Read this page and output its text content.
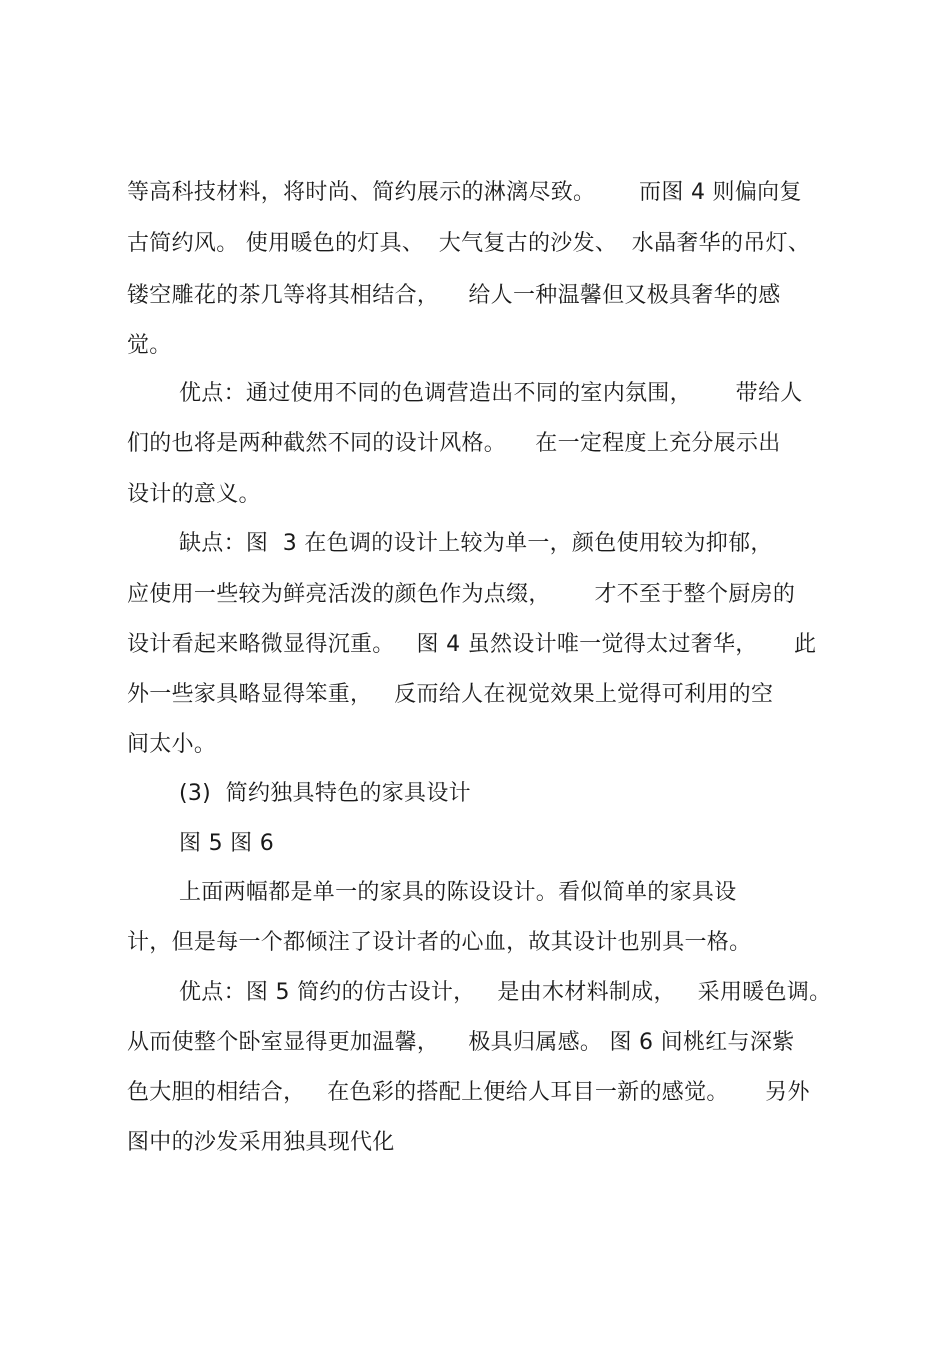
等高科技材料，将时尚、简约展示的淋漓尽致。      而图 4 则偏向复
古简约风。 使用暖色的灯具、  大气复古的沙发、  水晶奢华的吊灯、
镂空雕花的茶几等将其相结合，    给人一种温馨但又极具奢华的感
觉。
优点：通过使用不同的色调营造出不同的室内氛围，      带给人
们的也将是两种截然不同的设计风格。    在一定程度上充分展示出
设计的意义。
缺点：图  3 在色调的设计上较为单一，颜色使用较为抑郁，
应使用一些较为鲜亮活泼的颜色作为点缀，      才不至于整个厨房的
设计看起来略微显得沉重。   图 4 虽然设计唯一觉得太过奢华，     此
外一些家具略显得笨重，   反而给人在视觉效果上觉得可利用的空
间太小。
(3)  简约独具特色的家具设计
图 5 图 6
上面两幅都是单一的家具的陈设设计。看似简单的家具设
计，但是每一个都倾注了设计者的心血，故其设计也别具一格。
优点：图 5 简约的仿古设计，   是由木材料制成，   采用暖色调。
从而使整个卧室显得更加温馨，    极具归属感。 图 6 间桃红与深紫
色大胆的相结合，   在色彩的搭配上便给人耳目一新的感觉。     另外
图中的沙发采用独具现代化
